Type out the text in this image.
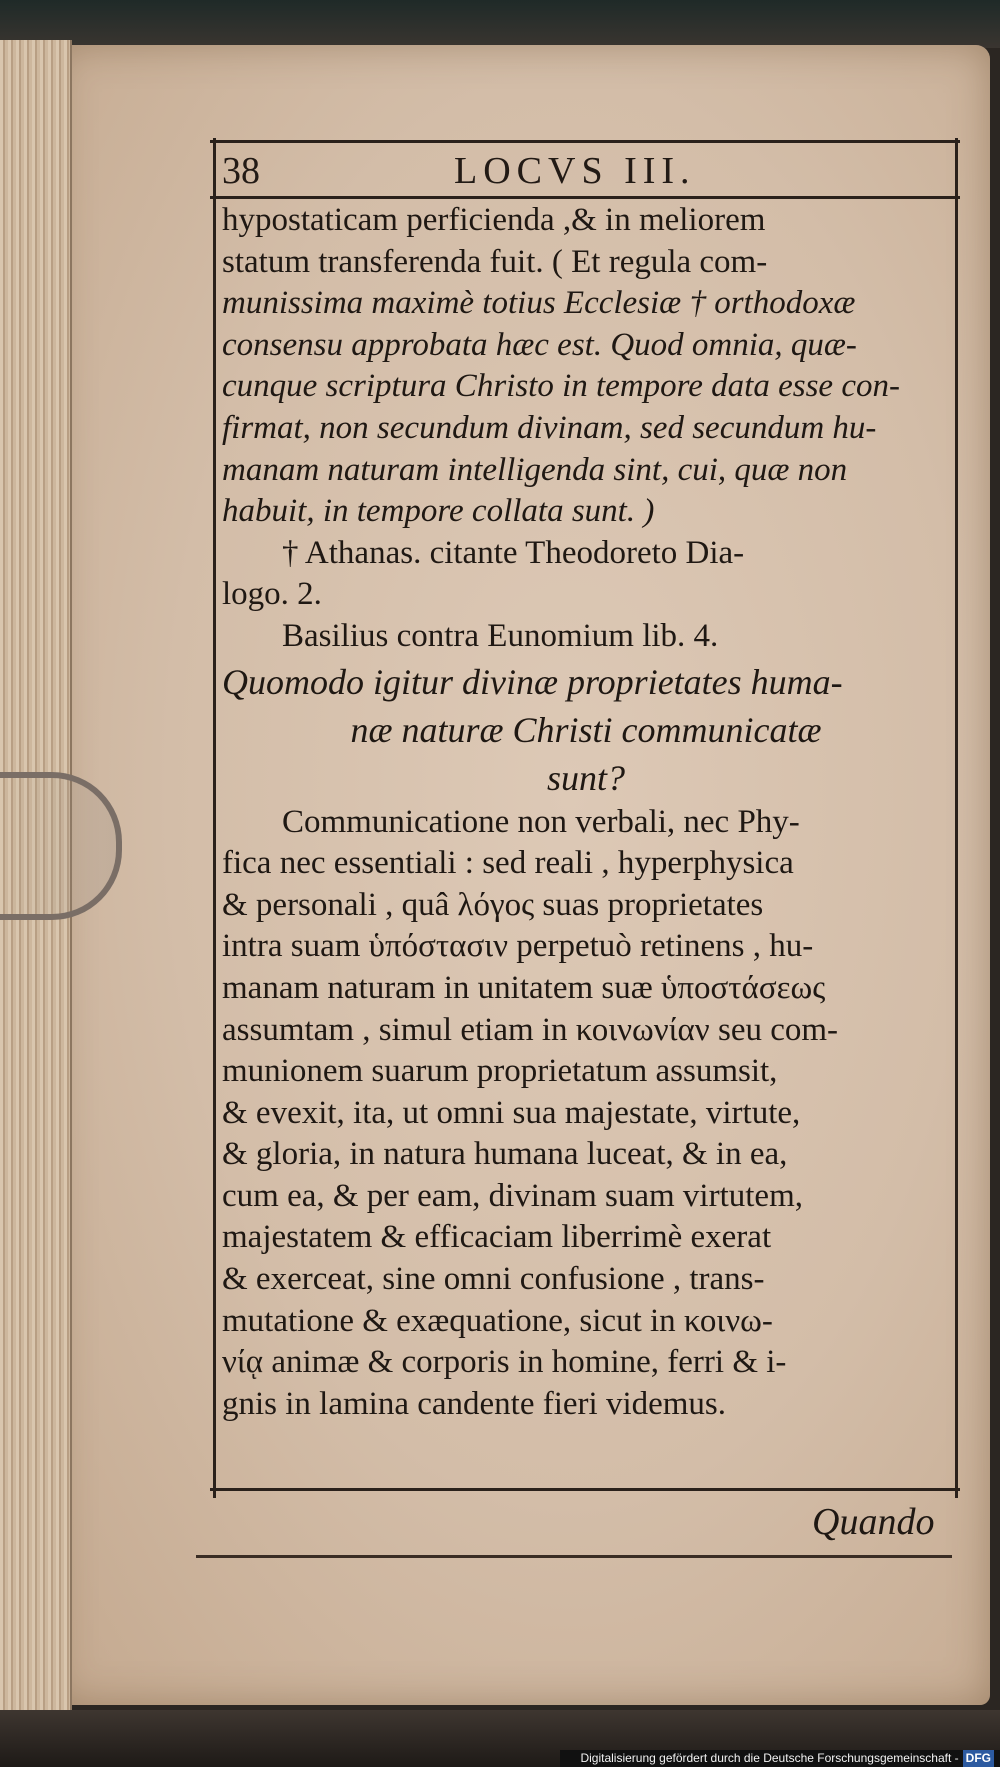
38	LOCVS III.
hypostaticam perficienda ,& in meliorem
statum transferenda fuit. ( Et regula com-
munissima maximè totius Ecclesiæ † orthodoxæ
consensu approbata hæc est. Quod omnia, quæ-
cunque scriptura Christo in tempore data esse con-
firmat, non secundum divinam, sed secundum hu-
manam naturam intelligenda sint, cui, quæ non
habuit, in tempore collata sunt. )
† Athanas. citante Theodoreto Dia-
logo. 2.
Basilius contra Eunomium lib. 4.
Quomodo igitur divinæ proprietates huma-
næ naturæ Christi communicatæ
sunt?
Communicatione non verbali, nec Phy-
fica nec essentiali : sed reali , hyperphysica
& personali , quâ λόγος suas proprietates
intra suam ὑπόστασιν perpetuò retinens , hu-
manam naturam in unitatem suæ ὑποστάσεως
assumtam , simul etiam in κοινωνίαν seu com-
munionem suarum proprietatum assumsit,
& evexit, ita, ut omni sua majestate, virtute,
& gloria, in natura humana luceat, & in ea,
cum ea, & per eam, divinam suam virtutem,
majestatem & efficaciam liberrimè exerat
& exerceat, sine omni confusione , trans-
mutatione & exæquatione, sicut in κοινω-
νίᾳ animæ & corporis in homine, ferri & i-
gnis in lamina candente fieri videmus.
Quando
Digitalisierung gefördert durch die Deutsche Forschungsgemeinschaft - DFG
